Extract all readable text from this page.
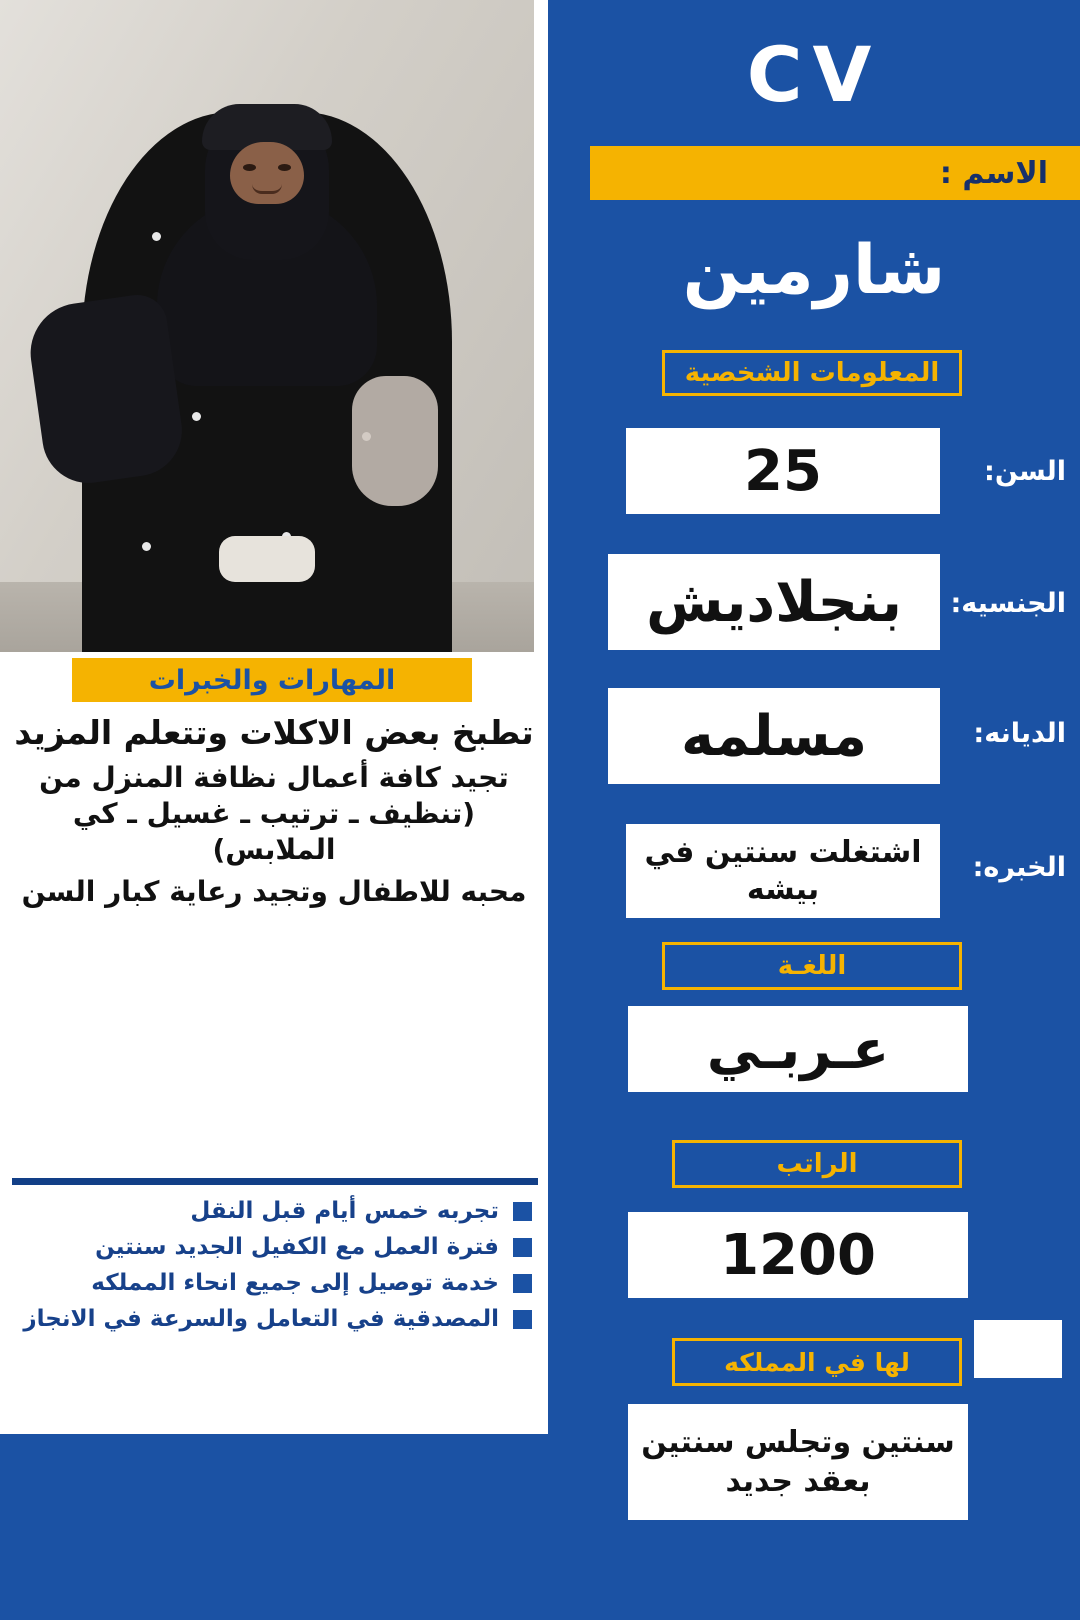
المهارات والخبرات

تطبخ بعض الاكلات وتتعلم المزيد

تجيد كافة أعمال نظافة المنزل من (تنظيف ـ ترتيب ـ غسيل ـ كي الملابس)

محبه للاطفال وتجيد رعاية كبار السن

تجربه خمس أيام قبل النقل
فترة العمل مع الكفيل الجديد سنتين
خدمة توصيل إلى جميع انحاء المملكه
المصدقية في التعامل والسرعة في الانجاز
CV
الاسم :
شارمين
المعلومات الشخصية
السن:
25
الجنسيه:
بنجلاديش
الديانه:
مسلمه
الخبره:
اشتغلت سنتين في بيشه
اللغـة
عـربـي
الراتب
1200
لها في المملكه
سنتين وتجلس سنتين بعقد جديد
